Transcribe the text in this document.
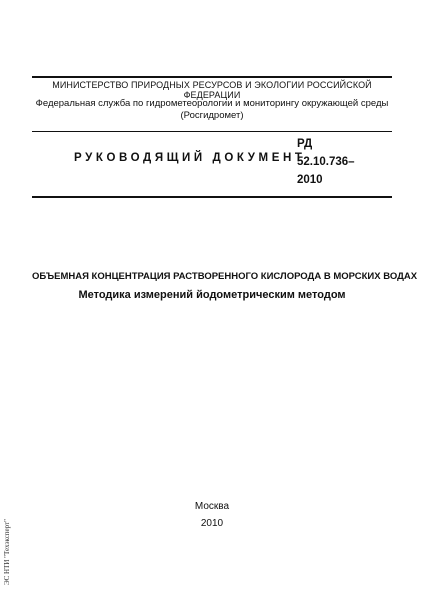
МИНИСТЕРСТВО ПРИРОДНЫХ РЕСУРСОВ И ЭКОЛОГИИ РОССИЙСКОЙ ФЕДЕРАЦИИ
Федеральная служба по гидрометеорологии и мониторингу окружающей среды
(Росгидромет)
РУКОВОДЯЩИЙ ДОКУМЕНТ
РД
52.10.736–
2010
ОБЪЕМНАЯ КОНЦЕНТРАЦИЯ РАСТВОРЕННОГО КИСЛОРОДА В МОРСКИХ ВОДАХ
Методика измерений йодометрическим методом
Москва
2010
ЭС НТИ "Техэксперт"
